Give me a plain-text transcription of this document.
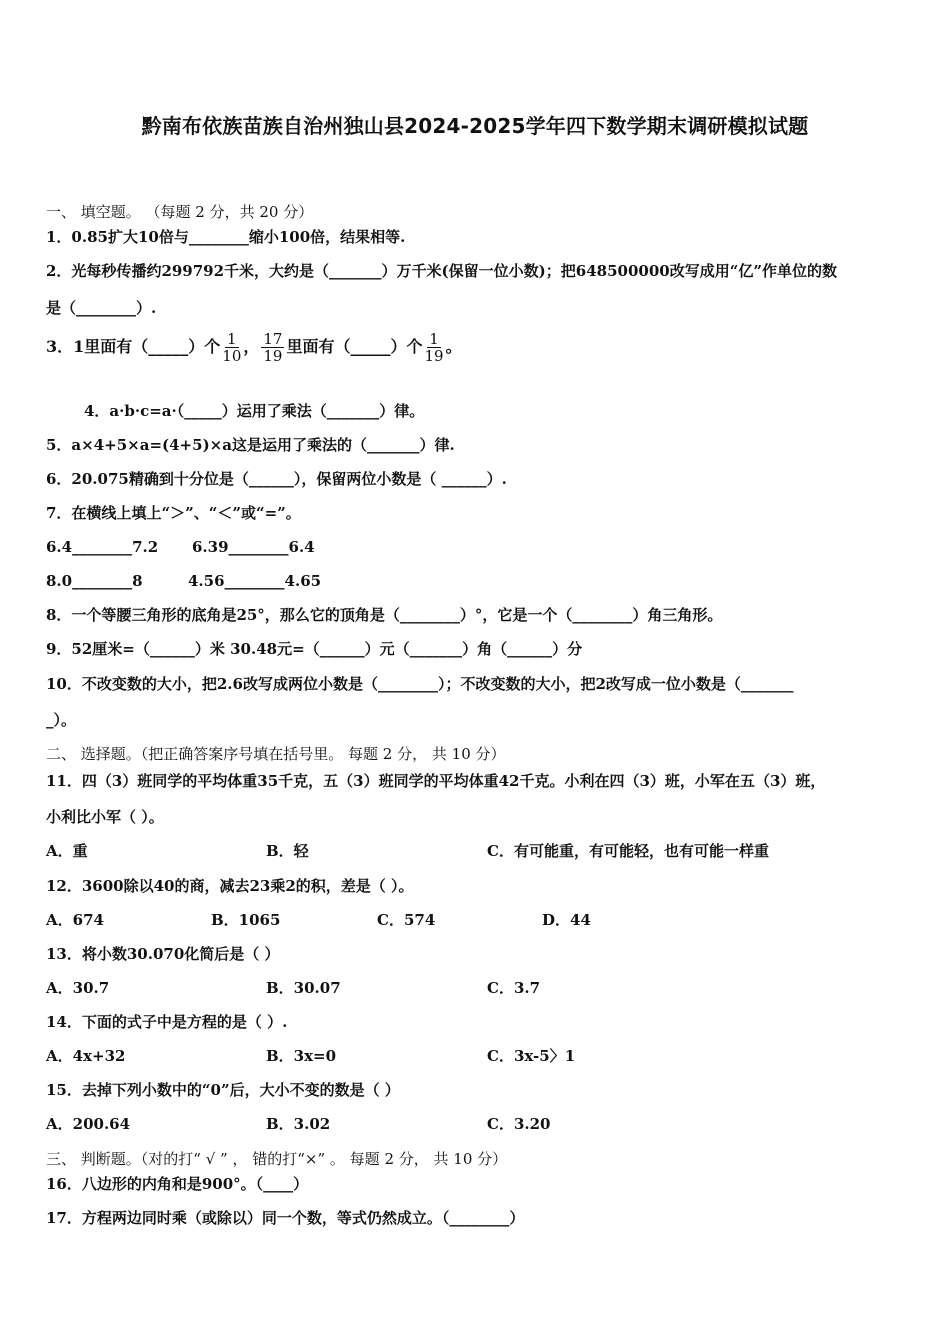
黔南布依族苗族自治州独山县2024-2025学年四下数学期末调研模拟试题
一、 填空题。 （每题 2 分，共 20 分）
1．0.85扩大10倍与________缩小100倍，结果相等.
2．光每秒传播约299792千米，大约是（_______）万千米(保留一位小数)；把648500000改写成用“亿”作单位的数
是（________）.
3．1里面有（_____）个 $\frac{1}{10}$ ， $\frac{17}{19}$ 里面有（_____）个 $\frac{1}{19}$ 。
4．a·b·c=a·（_____）运用了乘法（_______）律。
5．a×4+5×a=(4+5)×a这是运用了乘法的（_______）律.
6．20.075精确到十分位是（______），保留两位小数是（ ______）.
7．在横线上填上“＞”、“＜”或“=”。
6.4________7.2 6.39________6.4
8.0________8	4.56________4.65
8．一个等腰三角形的底角是25°，那么它的顶角是（________）°，它是一个（________）角三角形。
9．52厘米=（______）米 30.48元=（______）元（_______）角（______）分
10．不改变数的大小，把2.6改写成两位小数是（________）；不改变数的大小，把2改写成一位小数是（_______
_）。
二、 选择题。（把正确答案序号填在括号里。 每题 2 分， 共 10 分）
11．四（3）班同学的平均体重35千克，五（3）班同学的平均体重42千克。小利在四（3）班，小军在五（3）班，
小利比小军（ ）。
A．重	B．轻	C．有可能重，有可能轻，也有可能一样重
12．3600除以40的商，减去23乘2的积，差是（ ）。
A．674	B．1065	C．574	D．44
13．将小数30.070化简后是（ ）
A．30.7	B．30.07	C．3.7
14．下面的式子中是方程的是（ ）.
A．4x+32	B．3x=0	C．3x-5〉1
15．去掉下列小数中的“0”后，大小不变的数是（ ）
A．200.64	B．3.02	C．3.20
三、 判断题。（对的打“ √ ” ， 错的打“×” 。 每题 2 分， 共 10 分）
16．八边形的内角和是900°。（____）
17．方程两边同时乘（或除以）同一个数，等式仍然成立。（________）
